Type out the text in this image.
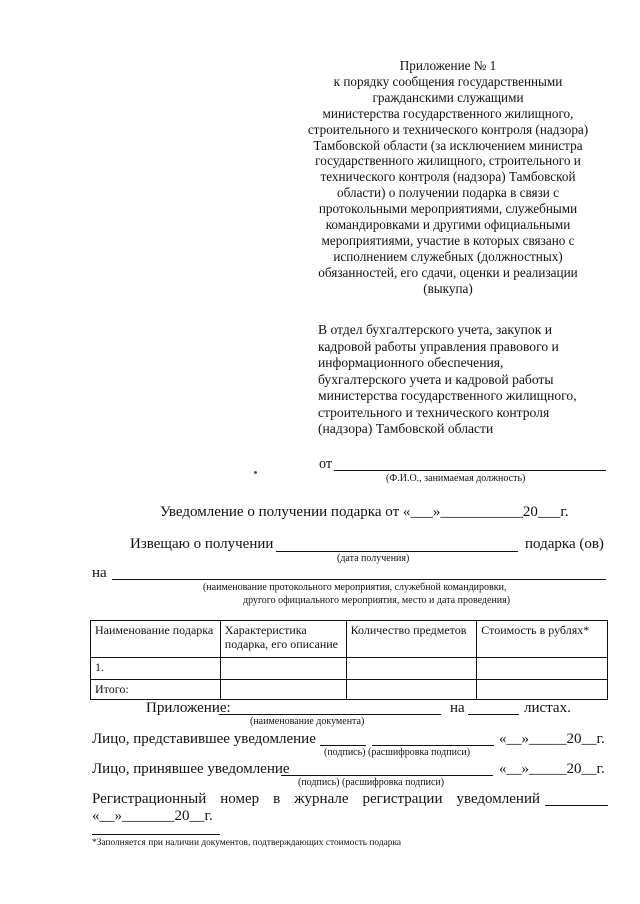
Приложение № 1
к порядку сообщения государственными
гражданскими служащими
министерства государственного жилищного,
строительного и технического контроля (надзора)
Тамбовской области (за исключением министра
государственного жилищного, строительного и
технического контроля (надзора) Тамбовской
области) о получении подарка в связи с
протокольными мероприятиями, служебными
командировками и другими официальными
мероприятиями, участие в которых связано с
исполнением служебных (должностных)
обязанностей, его сдачи, оценки и реализации
(выкупа)
В отдел бухгалтерского учета, закупок и
кадровой работы управления правового и
информационного обеспечения,
бухгалтерского учета и кадровой работы
министерства государственного жилищного,
строительного и технического контроля
(надзора) Тамбовской области
от
(Ф.И.О., занимаемая должность)
Уведомление о получении подарка от «___»___________20___г.
Извещаю о получении	подарка (ов)
(дата получения)
на
(наименование протокольного мероприятия, служебной командировки,
другого официального мероприятия, место и дата проведения)
Наименование подарка	Характеристика подарка, его описание	Количество предметов	Стоимость в рублях*
1.			
Итого:			
Приложение:	на	листах.
(наименование документа)
Лицо, представившее уведомление	«__»_____20__г.
(подпись) (расшифровка подписи)
Лицо, принявшее уведомление	«__»_____20__г.
(подпись) (расшифровка подписи)
Регистрационный номер в журнале регистрации уведомлений
«__»_______20__г.
*Заполняется при наличии документов, подтверждающих стоимость подарка
